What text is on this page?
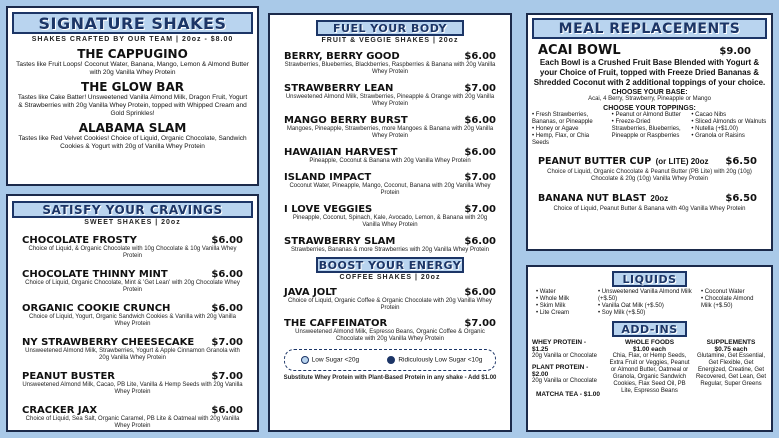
SIGNATURE SHAKES
SHAKES CRAFTED BY OUR TEAM | 20oz - $8.00
THE CAPPUGINO
Tastes like Fruit Loops! Coconut Water, Banana, Mango, Lemon & Almond Butter with 20g Vanilla Whey Protein
THE GLOW BAR
Tastes like Cake Batter! Unsweetened Vanilla Almond Milk, Dragon Fruit, Yogurt & Strawberries with 20g Vanilla Whey Protein, topped with Whipped Cream and Gold Sprinkles!
ALABAMA SLAM
Tastes like Red Velvet Cookies! Choice of Liquid, Organic Chocolate, Sandwich Cookies & Yogurt with 20g of Vanilla Whey Protein
SATISFY YOUR CRAVINGS
SWEET SHAKES | 20oz
CHOCOLATE FROSTY	$6.00
Choice of Liquid, & Organic Chocolate with 10g Chocolate & 10g Vanilla Whey Protein
CHOCOLATE THINNY MINT	$6.00
Choice of Liquid, Organic Chocolate, Mint & 'Get Lean' with 20g Chocolate Whey Protein
ORGANIC COOKIE CRUNCH	$6.00
Choice of Liquid, Yogurt, Organic Sandwich Cookies & Vanilla with 20g Vanilla Whey Protein
NY STRAWBERRY CHEESECAKE $7.00
Unsweetened Almond Milk, Strawberries, Yogurt & Apple Cinnamon Granola with 20g Vanilla Whey Protein
PEANUT BUSTER	$7.00
Unsweetened Almond Milk, Cacao, PB Lite, Vanilla & Hemp Seeds with 20g Vanilla Whey Protein
CRACKER JAX	$6.00
Choice of Liquid, Sea Salt, Organic Caramel, PB Lite & Oatmeal with 20g Vanilla Whey Protein
FUEL YOUR BODY
FRUIT & VEGGIE SHAKES | 20oz
BERRY, BERRY GOOD	$6.00
Strawberries, Blueberries, Blackberries, Raspberries & Banana with 20g Vanilla Whey Protein
STRAWBERRY LEAN	$7.00
Unsweetened Almond Milk, Strawberries, Pineapple & Orange with 20g Vanilla Whey Protein
MANGO BERRY BURST	$6.00
Mangoes, Pineapple, Strawberries, more Mangoes & Banana with 20g Vanilla Whey Protein
HAWAIIAN HARVEST	$6.00
Pineapple, Coconut & Banana with 20g Vanilla Whey Protein
ISLAND IMPACT	$7.00
Coconut Water, Pineapple, Mango, Coconut, Banana with 20g Vanilla Whey Protein
I LOVE VEGGIES	$7.00
Pineapple, Coconut, Spinach, Kale, Avocado, Lemon, & Banana with 20g Vanilla Whey Protein
STRAWBERRY SLAM	$6.00
Strawberries, Bananas & more Strawberries with 20g Vanilla Whey Protein
BOOST YOUR ENERGY
COFFEE SHAKES | 20oz
JAVA JOLT	$6.00
Choice of Liquid, Organic Coffee & Organic Chocolate with 20g Vanilla Whey Protein
THE CAFFEINATOR	$7.00
Unsweetened Almond Milk, Espresso Beans, Organic Coffee & Organic Chocolate with 20g Vanilla Whey Protein
Low Sugar <20g	Ridiculously Low Sugar <10g
Substitute Whey Protein with Plant-Based Protein in any shake - Add $1.00
MEAL REPLACEMENTS
ACAI BOWL	$9.00
Each Bowl is a Crushed Fruit Base Blended with Yogurt & your Choice of Fruit, topped with Freeze Dried Bananas & Shredded Coconut with 2 additional toppings of your choice.
CHOOSE YOUR BASE:
Acai, 4 Berry, Strawberry, Pineapple or Mango
CHOOSE YOUR TOPPINGS:
• Fresh Strawberries, Bananas, or Pineapple
• Honey or Agave
• Hemp, Flax, or Chia Seeds
• Peanut or Almond Butter
• Freeze-Dried Strawberries, Blueberries, Pineapple or Raspberries
• Cacao Nibs
• Sliced Almonds or Walnuts
• Nutella (+$1.00)
• Granola or Raisins
PEANUT BUTTER CUP (or LITE) 20oz $6.50
Choice of Liquid, Organic Chocolate & Peanut Butter (PB Lite) with 20g (10g) Chocolate & 20g (10g) Vanilla Whey Protein
BANANA NUT BLAST 20oz	$6.50
Choice of Liquid, Peanut Butter & Banana with 40g Vanilla Whey Protein
LIQUIDS
• Water
• Whole Milk
• Skim Milk
• Lite Cream
• Unsweetened Vanilla Almond Milk (+$.50)
• Vanilla Oat Milk (+$.50)
• Soy Milk (+$.50)
• Coconut Water
• Chocolate Almond Milk (+$.50)
ADD-INS
WHEY PROTEIN - $1.25
20g Vanilla or Chocolate
PLANT PROTEIN - $2.00
20g Vanilla or Chocolate
MATCHA TEA - $1.00
WHOLE FOODS
$1.00 each
Chia, Flax, or Hemp Seeds, Extra Fruit or Veggies, Peanut or Almond Butter, Oatmeal or Granola, Organic Sandwich Cookies, Flax Seed Oil, PB Lite, Espresso Beans
SUPPLEMENTS
$0.75 each
Glutamine, Get Essential, Get Flexible, Get Energized, Creatine, Get Recovered, Get Lean, Get Regular, Super Greens
